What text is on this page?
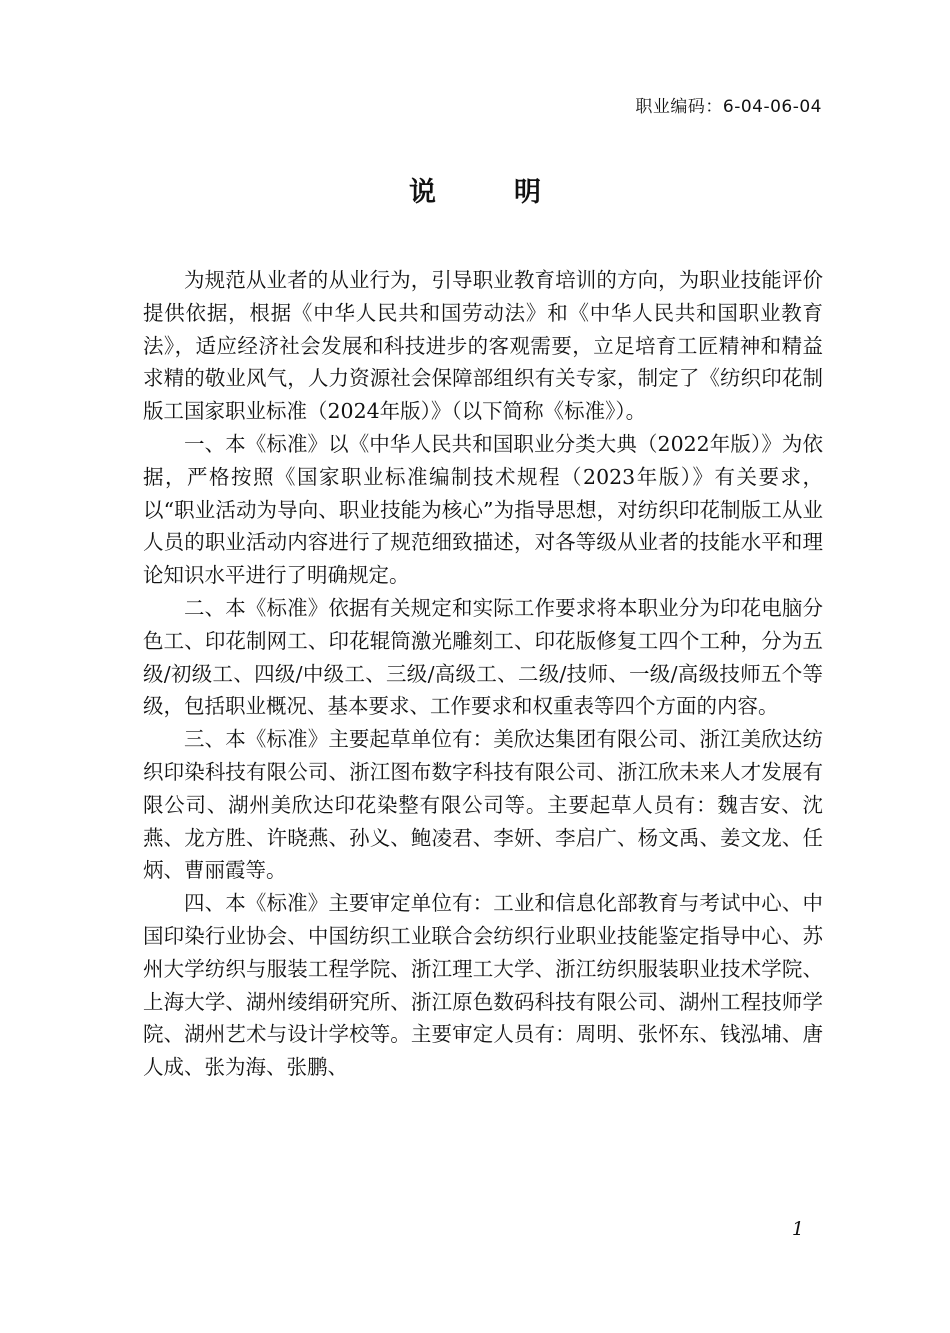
职业编码：6-04-06-04
说明

为规范从业者的从业行为，引导职业教育培训的方向，为职业技能评价提供依据，根据《中华人民共和国劳动法》和《中华人民共和国职业教育法》，适应经济社会发展和科技进步的客观需要，立足培育工匠精神和精益求精的敬业风气，人力资源社会保障部组织有关专家，制定了《纺织印花制版工国家职业标准（2024年版）》（以下简称《标准》）。

一、本《标准》以《中华人民共和国职业分类大典（2022年版）》为依据，严格按照《国家职业标准编制技术规程（2023年版）》有关要求，以“职业活动为导向、职业技能为核心”为指导思想，对纺织印花制版工从业人员的职业活动内容进行了规范细致描述，对各等级从业者的技能水平和理论知识水平进行了明确规定。

二、本《标准》依据有关规定和实际工作要求将本职业分为印花电脑分色工、印花制网工、印花辊筒激光雕刻工、印花版修复工四个工种，分为五级/初级工、四级/中级工、三级/高级工、二级/技师、一级/高级技师五个等级，包括职业概况、基本要求、工作要求和权重表等四个方面的内容。

三、本《标准》主要起草单位有：美欣达集团有限公司、浙江美欣达纺织印染科技有限公司、浙江图布数字科技有限公司、浙江欣未来人才发展有限公司、湖州美欣达印花染整有限公司等。主要起草人员有：魏吉安、沈燕、龙方胜、许晓燕、孙义、鲍凌君、李妍、李启广、杨文禹、姜文龙、任炳、曹丽霞等。

四、本《标准》主要审定单位有：工业和信息化部教育与考试中心、中国印染行业协会、中国纺织工业联合会纺织行业职业技能鉴定指导中心、苏州大学纺织与服装工程学院、浙江理工大学、浙江纺织服装职业技术学院、上海大学、湖州绫绢研究所、浙江原色数码科技有限公司、湖州工程技师学院、湖州艺术与设计学校等。主要审定人员有：周明、张怀东、钱泓埔、唐人成、张为海、张鹏、

1
